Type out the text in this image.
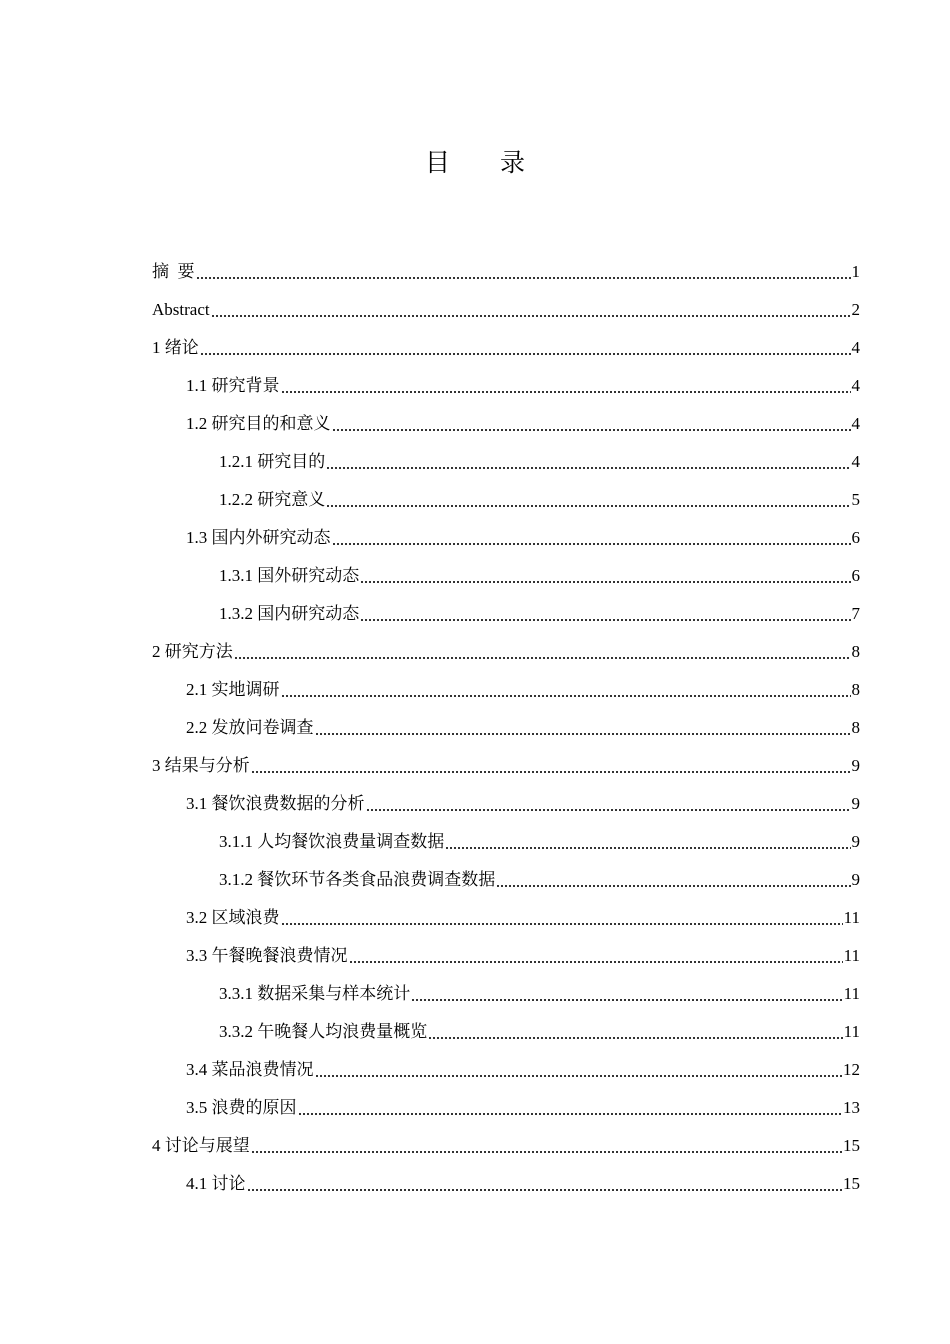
目 录
摘  要	1
Abstract	2
1 绪论	4
1.1 研究背景	4
1.2 研究目的和意义	4
1.2.1 研究目的	4
1.2.2 研究意义	5
1.3 国内外研究动态	6
1.3.1 国外研究动态	6
1.3.2 国内研究动态	7
2 研究方法	8
2.1 实地调研	8
2.2 发放问卷调查	8
3 结果与分析	9
3.1 餐饮浪费数据的分析	9
3.1.1 人均餐饮浪费量调查数据	9
3.1.2 餐饮环节各类食品浪费调查数据	9
3.2 区域浪费	11
3.3 午餐晚餐浪费情况	11
3.3.1 数据采集与样本统计	11
3.3.2 午晚餐人均浪费量概览	11
3.4 菜品浪费情况	12
3.5 浪费的原因	13
4 讨论与展望	15
4.1 讨论	15
